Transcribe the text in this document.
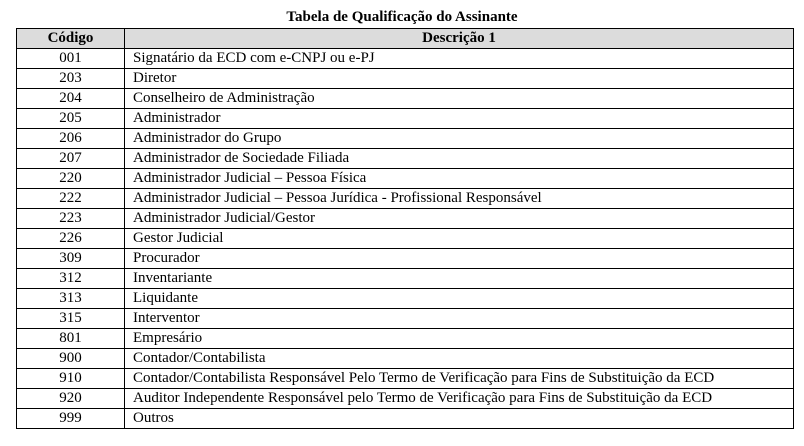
Tabela de Qualificação do Assinante
Código	Descrição 1
001	Signatário da ECD com e-CNPJ ou e-PJ
203	Diretor
204	Conselheiro de Administração
205	Administrador
206	Administrador do Grupo
207	Administrador de Sociedade Filiada
220	Administrador Judicial – Pessoa Física
222	Administrador Judicial – Pessoa Jurídica - Profissional Responsável
223	Administrador Judicial/Gestor
226	Gestor Judicial
309	Procurador
312	Inventariante
313	Liquidante
315	Interventor
801	Empresário
900	Contador/Contabilista
910	Contador/Contabilista Responsável Pelo Termo de Verificação para Fins de Substituição da ECD
920	Auditor Independente Responsável pelo Termo de Verificação para Fins de Substituição da ECD
999	Outros
